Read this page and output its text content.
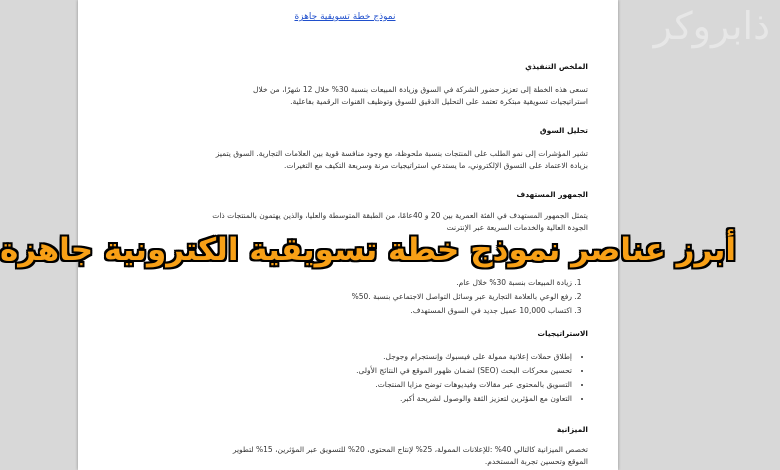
ذابروكر
نموذج خطة تسويقية جاهزة
الملخص التنفيذي
تسعى هذه الخطة إلى تعزيز حضور الشركة في السوق وزيادة المبيعات بنسبة 30% خلال 12 شهرًا، من خلال
استراتيجيات تسويقية مبتكرة تعتمد على التحليل الدقيق للسوق وتوظيف القنوات الرقمية بفاعلية.
تحليل السوق
تشير المؤشرات إلى نمو الطلب على المنتجات بنسبة ملحوظة، مع وجود منافسة قوية بين العلامات التجارية. السوق يتميز
بزيادة الاعتماد على التسوق الإلكتروني، ما يستدعي استراتيجيات مرنة وسريعة التكيف مع التغيرات.
الجمهور المستهدف
يتمثل الجمهور المستهدف في الفئة العمرية بين 20 و 40عامًا، من الطبقة المتوسطة والعليا، والذين يهتمون بالمنتجات ذات
الجودة العالية والخدمات السريعة عبر الإنترنت
1. زيادة المبيعات بنسبة 30% خلال عام.
2. رفع الوعي بالعلامة التجارية عبر وسائل التواصل الاجتماعي بنسبة .50%
3. اكتساب 10,000 عميل جديد في السوق المستهدف.
الاستراتيجيات
• إطلاق حملات إعلانية ممولة على فيسبوك وإنستجرام وجوجل.
• تحسين محركات البحث (SEO) لضمان ظهور الموقع في النتائج الأولى.
• التسويق بالمحتوى عبر مقالات وفيديوهات توضح مزايا المنتجات.
• التعاون مع المؤثرين لتعزيز الثقة والوصول لشريحة أكبر.
الميزانية
تخصص الميزانية كالتالي 40% :للإعلانات الممولة، 25% لإنتاج المحتوى، 20% للتسويق عبر المؤثرين، 15% لتطوير
الموقع وتحسين تجربة المستخدم.
أبرز عناصر نموذج خطة تسويقية الكترونية جاهزة
